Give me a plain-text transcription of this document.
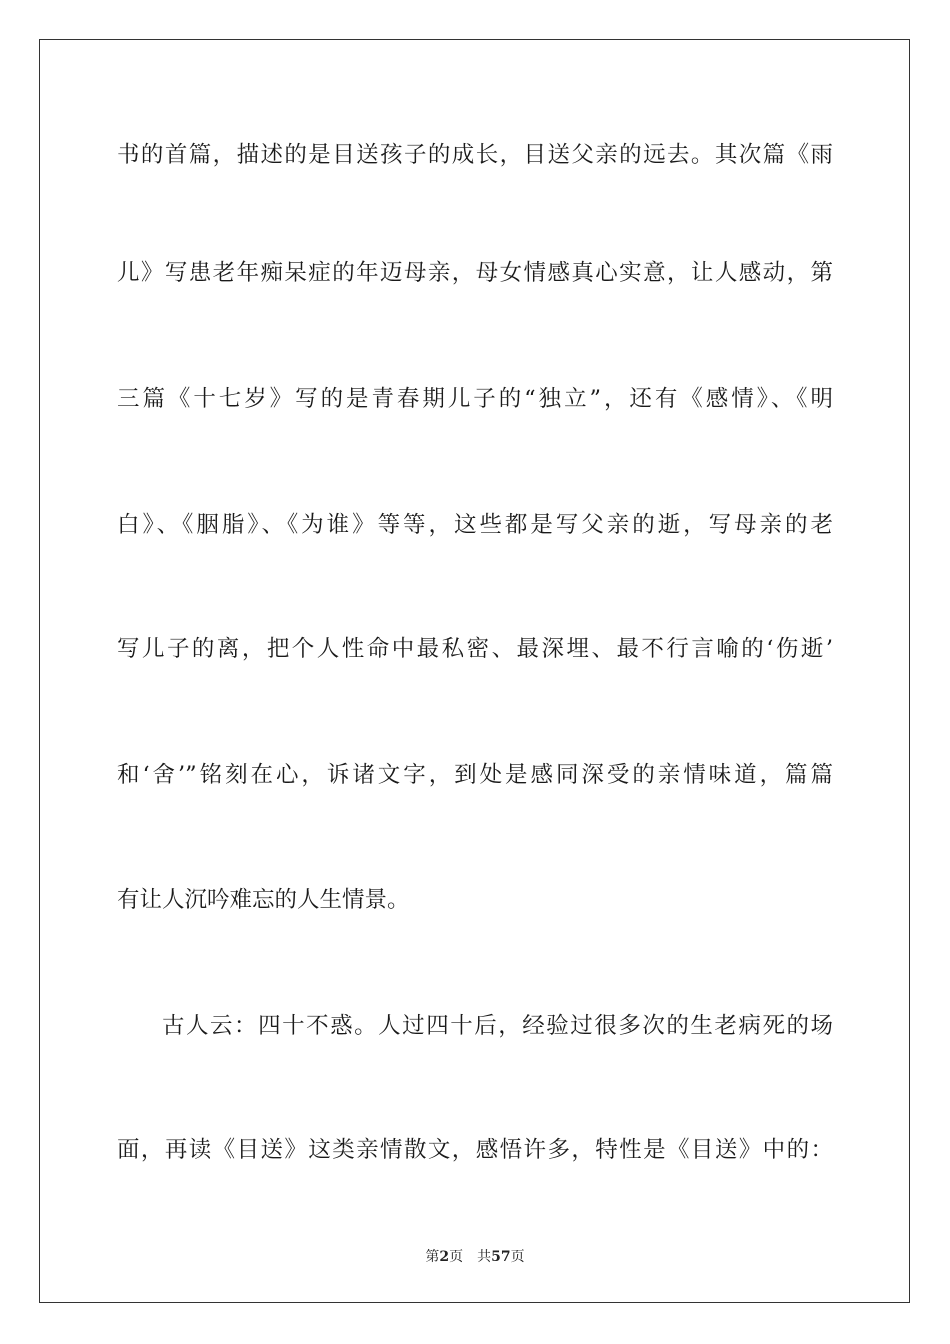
书的首篇，描述的是目送孩子的成长，目送父亲的远去。其次篇《雨
儿》写患老年痴呆症的年迈母亲，母女情感真心实意，让人感动，第
三篇《十七岁》写的是青春期儿子的“独立”，还有《感情》、《明
白》、《胭脂》、《为谁》等等，这些都是写父亲的逝，写母亲的老
写儿子的离，把个人性命中最私密、最深埋、最不行言喻的‘伤逝’
和‘舍’”铭刻在心，诉诸文字，到处是感同深受的亲情味道，篇篇
有让人沉吟难忘的人生情景。
古人云：四十不惑。人过四十后，经验过很多次的生老病死的场
面，再读《目送》这类亲情散文，感悟许多，特性是《目送》中的：
第2页 共57页
